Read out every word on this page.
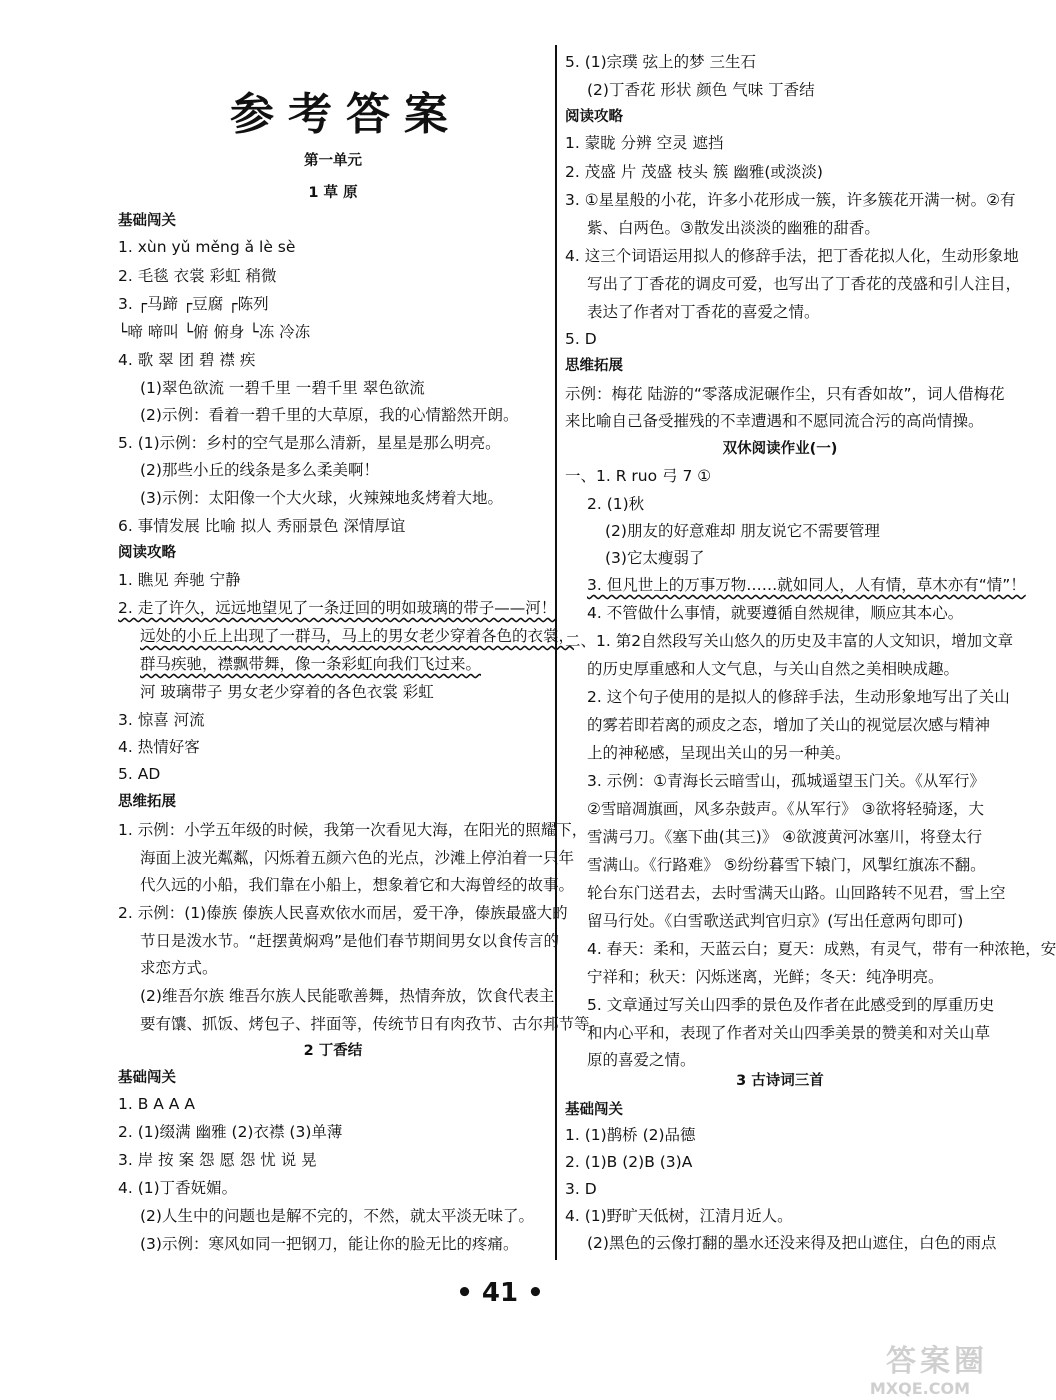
参考答案
第一单元
1 草 原
基础闯关
1. xùn yǔ měng ǎ lè sè
2. 毛毯 衣裳 彩虹 稍微
3. ┌马蹄 ┌豆腐 ┌陈列
└啼 啼叫 └俯 俯身 └冻 冷冻
4. 歌 翠 团 碧 襟 疾
(1)翠色欲流 一碧千里 一碧千里 翠色欲流
(2)示例：看着一碧千里的大草原，我的心情豁然开朗。
5. (1)示例：乡村的空气是那么清新，星星是那么明亮。
(2)那些小丘的线条是多么柔美啊！
(3)示例：太阳像一个大火球，火辣辣地炙烤着大地。
6. 事情发展 比喻 拟人 秀丽景色 深情厚谊
阅读攻略
1. 瞧见 奔驰 宁静
2. 走了许久，远远地望见了一条迂回的明如玻璃的带子——河！
远处的小丘上出现了一群马，马上的男女老少穿着各色的衣裳，
群马疾驰，襟飘带舞，像一条彩虹向我们飞过来。
河 玻璃带子 男女老少穿着的各色衣裳 彩虹
3. 惊喜 河流
4. 热情好客
5. AD
思维拓展
1. 示例：小学五年级的时候，我第一次看见大海，在阳光的照耀下，
海面上波光粼粼，闪烁着五颜六色的光点，沙滩上停泊着一只年
代久远的小船，我们靠在小船上，想象着它和大海曾经的故事。
2. 示例：(1)傣族 傣族人民喜欢依水而居，爱干净，傣族最盛大的
节日是泼水节。“赶摆黄焖鸡”是他们春节期间男女以食传言的
求恋方式。
(2)维吾尔族 维吾尔族人民能歌善舞，热情奔放，饮食代表主
要有馕、抓饭、烤包子、拌面等，传统节日有肉孜节、古尔邦节等。
2 丁香结
基础闯关
1. B A A A
2. (1)缀满 幽雅 (2)衣襟 (3)单薄
3. 岸 按 案 怨 愿 怨 忧 说 晃
4. (1)丁香妩媚。
(2)人生中的问题也是解不完的，不然，就太平淡无味了。
(3)示例：寒风如同一把钢刀，能让你的脸无比的疼痛。
5. (1)宗璞 弦上的梦 三生石
(2)丁香花 形状 颜色 气味 丁香结
阅读攻略
1. 蒙眬 分辨 空灵 遮挡
2. 茂盛 片 茂盛 枝头 簇 幽雅(或淡淡)
3. ①星星般的小花，许多小花形成一簇，许多簇花开满一树。②有
紫、白两色。③散发出淡淡的幽雅的甜香。
4. 这三个词语运用拟人的修辞手法，把丁香花拟人化，生动形象地
写出了丁香花的调皮可爱，也写出了丁香花的茂盛和引人注目，
表达了作者对丁香花的喜爱之情。
5. D
思维拓展
示例：梅花 陆游的“零落成泥碾作尘，只有香如故”，词人借梅花
来比喻自己备受摧残的不幸遭遇和不愿同流合污的高尚情操。
双休阅读作业(一)
一、1. R ruo 弓 7 ①
2. (1)秋
(2)朋友的好意难却 朋友说它不需要管理
(3)它太瘦弱了
3. 但凡世上的万事万物……就如同人，人有情，草木亦有“情”！
4. 不管做什么事情，就要遵循自然规律，顺应其本心。
二、1. 第2自然段写关山悠久的历史及丰富的人文知识，增加文章
的历史厚重感和人文气息，与关山自然之美相映成趣。
2. 这个句子使用的是拟人的修辞手法，生动形象地写出了关山
的雾若即若离的顽皮之态，增加了关山的视觉层次感与精神
上的神秘感，呈现出关山的另一种美。
3. 示例：①青海长云暗雪山，孤城遥望玉门关。《从军行》
②雪暗凋旗画，风多杂鼓声。《从军行》 ③欲将轻骑逐，大
雪满弓刀。《塞下曲(其三)》 ④欲渡黄河冰塞川，将登太行
雪满山。《行路难》 ⑤纷纷暮雪下辕门，风掣红旗冻不翻。
轮台东门送君去，去时雪满天山路。山回路转不见君，雪上空
留马行处。《白雪歌送武判官归京》(写出任意两句即可)
4. 春天：柔和，天蓝云白；夏天：成熟，有灵气，带有一种浓艳，安
宁祥和；秋天：闪烁迷离，光鲜；冬天：纯净明亮。
5. 文章通过写关山四季的景色及作者在此感受到的厚重历史
和内心平和，表现了作者对关山四季美景的赞美和对关山草
原的喜爱之情。
3 古诗词三首
基础闯关
1. (1)鹊桥 (2)品德
2. (1)B (2)B (3)A
3. D
4. (1)野旷天低树，江清月近人。
(2)黑色的云像打翻的墨水还没来得及把山遮住，白色的雨点
• 41 •
答案圈
MXQE.COM
